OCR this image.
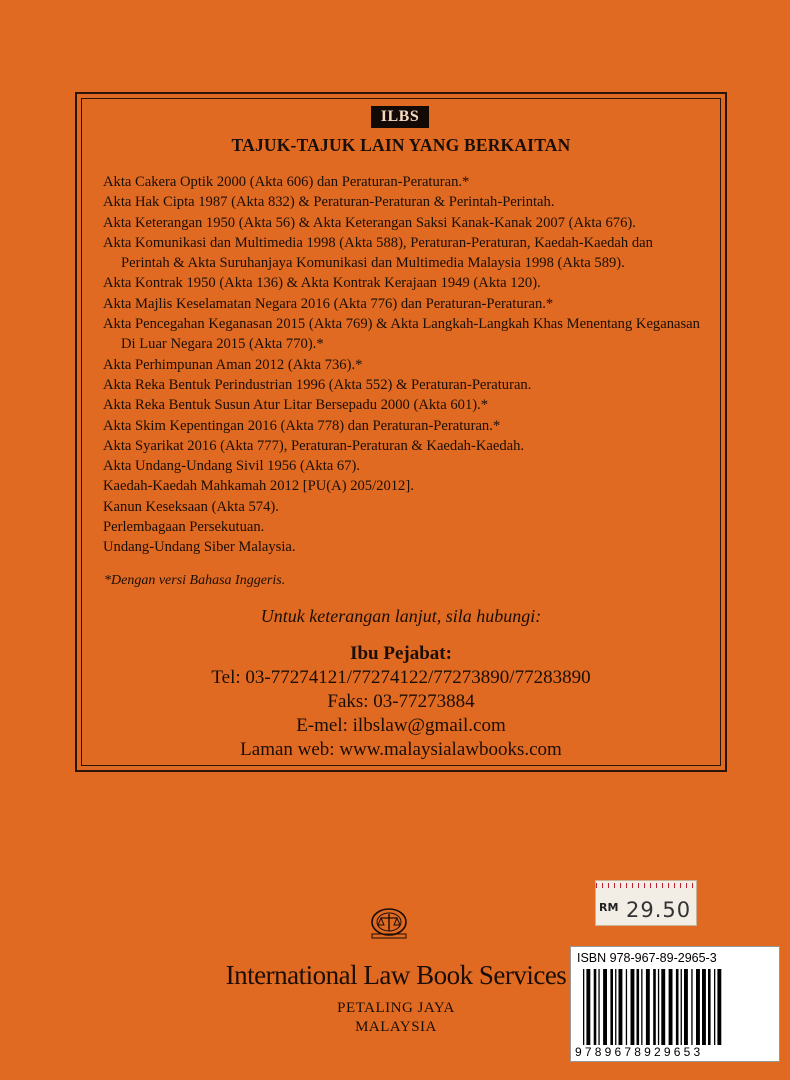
ILBS
TAJUK-TAJUK LAIN YANG BERKAITAN
Akta Cakera Optik 2000 (Akta 606) dan Peraturan-Peraturan.*
Akta Hak Cipta 1987 (Akta 832) & Peraturan-Peraturan & Perintah-Perintah.
Akta Keterangan 1950 (Akta 56) & Akta Keterangan Saksi Kanak-Kanak 2007 (Akta 676).
Akta Komunikasi dan Multimedia 1998 (Akta 588), Peraturan-Peraturan, Kaedah-Kaedah dan Perintah & Akta Suruhanjaya Komunikasi dan Multimedia Malaysia 1998 (Akta 589).
Akta Kontrak 1950 (Akta 136) & Akta Kontrak Kerajaan 1949 (Akta 120).
Akta Majlis Keselamatan Negara 2016 (Akta 776) dan Peraturan-Peraturan.*
Akta Pencegahan Keganasan 2015 (Akta 769) & Akta Langkah-Langkah Khas Menentang Keganasan Di Luar Negara 2015 (Akta 770).*
Akta Perhimpunan Aman 2012 (Akta 736).*
Akta Reka Bentuk Perindustrian 1996 (Akta 552) & Peraturan-Peraturan.
Akta Reka Bentuk Susun Atur Litar Bersepadu 2000 (Akta 601).*
Akta Skim Kepentingan 2016 (Akta 778) dan Peraturan-Peraturan.*
Akta Syarikat 2016 (Akta 777), Peraturan-Peraturan & Kaedah-Kaedah.
Akta Undang-Undang Sivil 1956 (Akta 67).
Kaedah-Kaedah Mahkamah 2012 [PU(A) 205/2012].
Kanun Keseksaan (Akta 574).
Perlembagaan Persekutuan.
Undang-Undang Siber Malaysia.
*Dengan versi Bahasa Inggeris.
Untuk keterangan lanjut, sila hubungi:
Ibu Pejabat:
Tel: 03-77274121/77274122/77273890/77283890
Faks: 03-77273884
E-mel: ilbslaw@gmail.com
Laman web: www.malaysialawbooks.com
International Law Book Services
PETALING JAYA
MALAYSIA
RM 29.50
ISBN 978-967-89-2965-3
9789678929653
